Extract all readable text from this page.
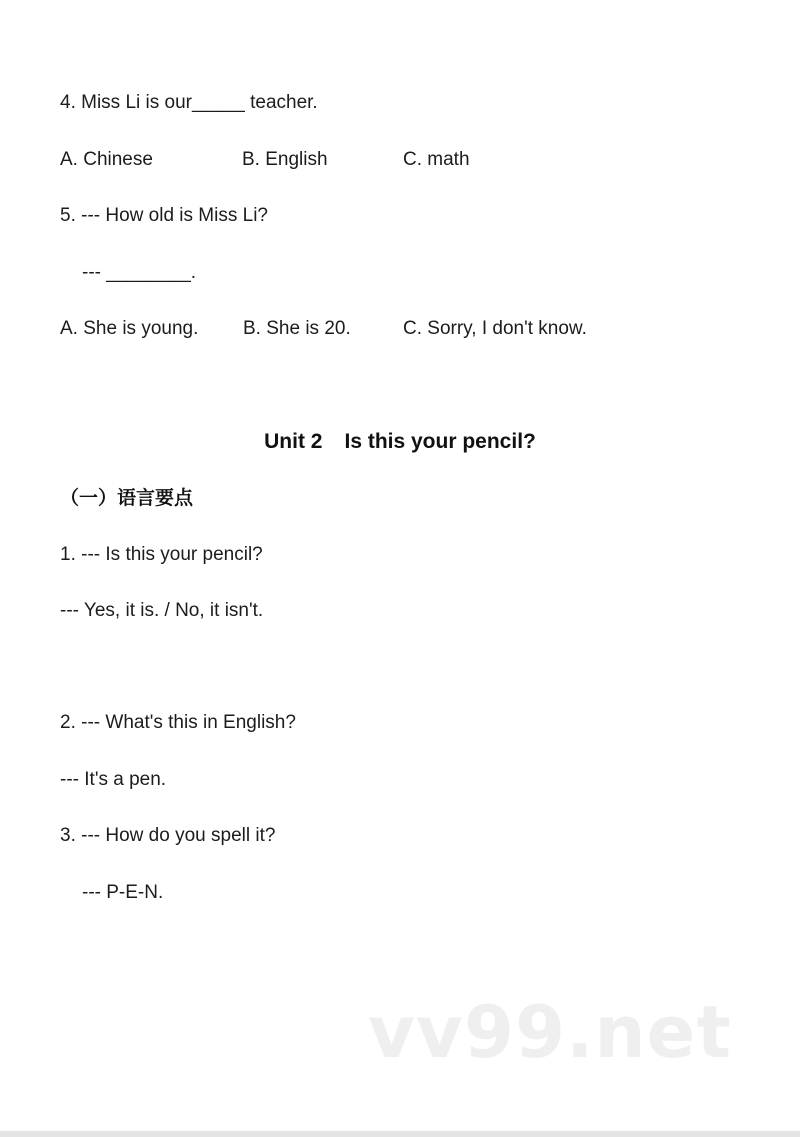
4. Miss Li is our_____ teacher.
A. Chinese	B. English	C. math
5. --- How old is Miss Li?
--- ________.
A. She is young. B. She is 20.	C. Sorry, I don't know.
Unit 2 Is this your pencil?
（一）语言要点
1. --- Is this your pencil?
--- Yes, it is. / No, it isn't.
2. --- What's this in English?
--- It's a pen.
3. --- How do you spell it?
--- P-E-N.
vv99.net
